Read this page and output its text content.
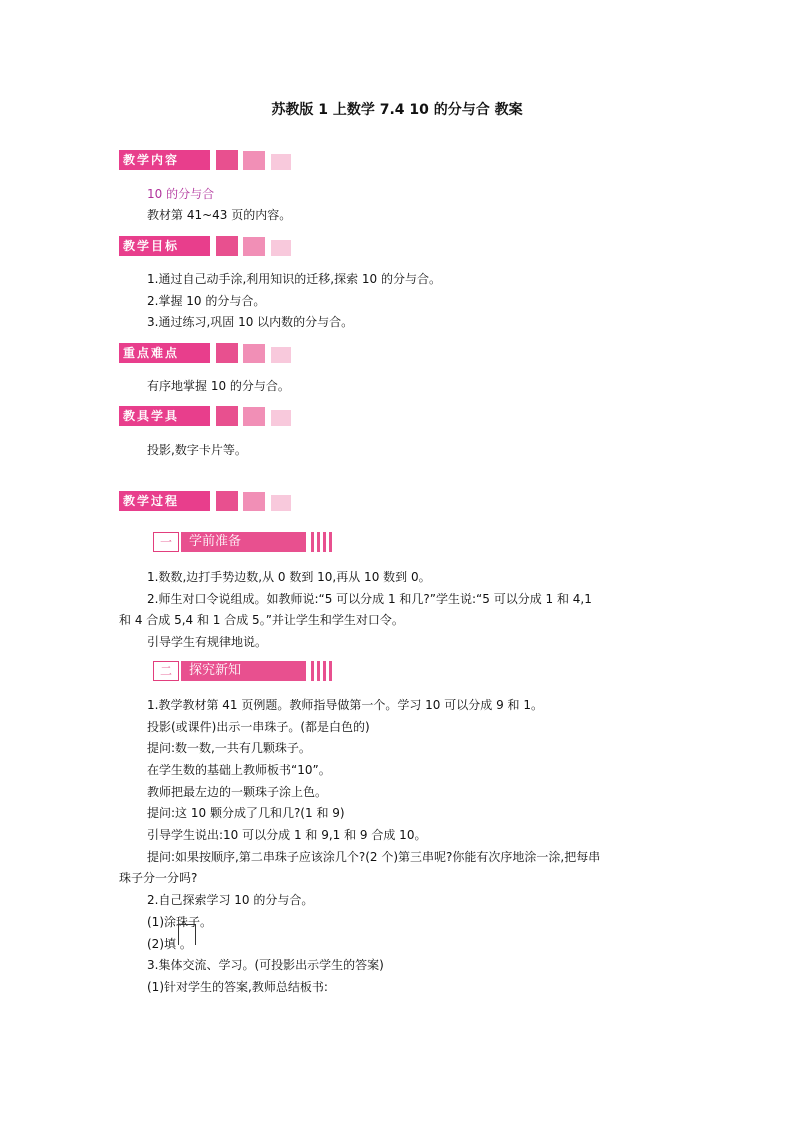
苏教版 1 上数学 7.4 10 的分与合 教案
教学内容
10 的分与合
教材第 41~43 页的内容。
教学目标
1.通过自己动手涂,利用知识的迁移,探索 10 的分与合。
2.掌握 10 的分与合。
3.通过练习,巩固 10 以内数的分与合。
重点难点
有序地掌握 10 的分与合。
教具学具
投影,数字卡片等。
教学过程
一	学前准备
1.数数,边打手势边数,从 0 数到 10,再从 10 数到 0。
2.师生对口令说组成。如教师说:“5 可以分成 1 和几?”学生说:“5 可以分成 1 和 4,1
和 4 合成 5,4 和 1 合成 5。”并让学生和学生对口令。
引导学生有规律地说。
二	探究新知
1.教学教材第 41 页例题。教师指导做第一个。学习 10 可以分成 9 和 1。
投影(或课件)出示一串珠子。(都是白色的)
提问:数一数,一共有几颗珠子。
在学生数的基础上教师板书“10”。
教师把最左边的一颗珠子涂上色。
提问:这 10 颗分成了几和几?(1 和 9)
引导学生说出:10 可以分成 1 和 9,1 和 9 合成 10。
提问:如果按顺序,第二串珠子应该涂几个?(2 个)第三串呢?你能有次序地涂一涂,把每串
珠子分一分吗?
2.自己探索学习 10 的分与合。
(1)涂珠子。
(2)填 。
3.集体交流、学习。(可投影出示学生的答案)
(1)针对学生的答案,教师总结板书:
